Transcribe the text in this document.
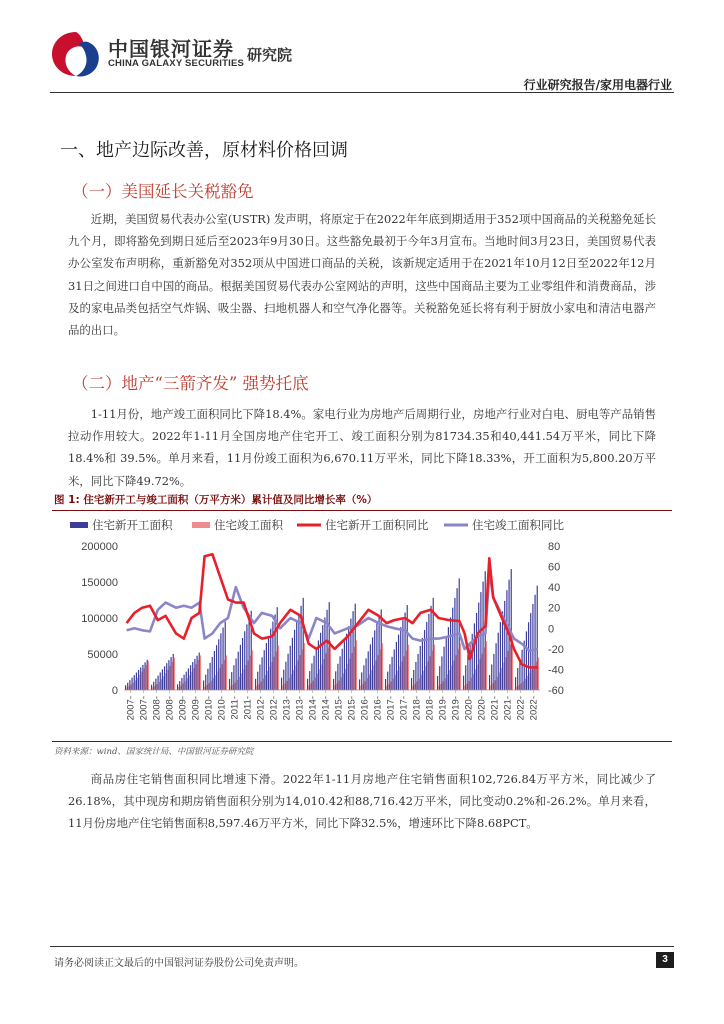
中国银河证券
CHINA GALAXY SECURITIES 研究院
行业研究报告/家用电器行业
一、地产边际改善，原材料价格回调
（一）美国延长关税豁免

近期，美国贸易代表办公室(USTR) 发声明，将原定于在2022年年底到期适用于352项中国商品的关税豁免延长九个月，即将豁免到期日延后至2023年9月30日。这些豁免最初于今年3月宣布。当地时间3月23日，美国贸易代表办公室发布声明称，重新豁免对352项从中国进口商品的关税，该新规定适用于在2021年10月12日至2022年12月31日之间进口自中国的商品。根据美国贸易代表办公室网站的声明，这些中国商品主要为工业零组件和消费商品，涉及的家电品类包括空气炸锅、吸尘器、扫地机器人和空气净化器等。关税豁免延长将有利于厨放小家电和清洁电器产品的出口。

（二）地产“三箭齐发” 强势托底

1-11月份，地产竣工面积同比下降18.4%。家电行业为房地产后周期行业，房地产行业对白电、厨电等产品销售拉动作用较大。2022年1-11月全国房地产住宅开工、竣工面积分别为81734.35和40,441.54万平米，同比下降18.4%和 39.5%。单月来看，11月份竣工面积为6,670.11万平米，同比下降18.33%，开工面积为5,800.20万平米，同比下降49.72%。

图 1: 住宅新开工与竣工面积（万平方米）累计值及同比增长率（%）
住宅新开工面积	住宅竣工面积	住宅新开工面积同比	住宅竣工面积同比
0
50000
100000
150000
200000
-60
-40
-20
0
20
40
60
80
2007- 2007- 2008- 2008- 2009- 2009- 2010- 2010- 2011- 2011- 2012- 2012- 2013- 2013- 2014- 2014- 2015- 2015- 2016- 2016- 2017- 2017- 2018- 2018- 2019- 2019- 2020- 2020- 2021- 2021- 2022- 2022-
资料来源：wind、国家统计局、中国银河证券研究院

商品房住宅销售面积同比增速下滑。2022年1-11月房地产住宅销售面积102,726.84万平方米，同比减少了26.18%，其中现房和期房销售面积分别为14,010.42和88,716.42万平米，同比变动0.2%和-26.2%。单月来看，11月份房地产住宅销售面积8,597.46万平方米，同比下降32.5%，增速环比下降8.68PCT。

请务必阅读正文最后的中国银河证券股份公司免责声明。	3
